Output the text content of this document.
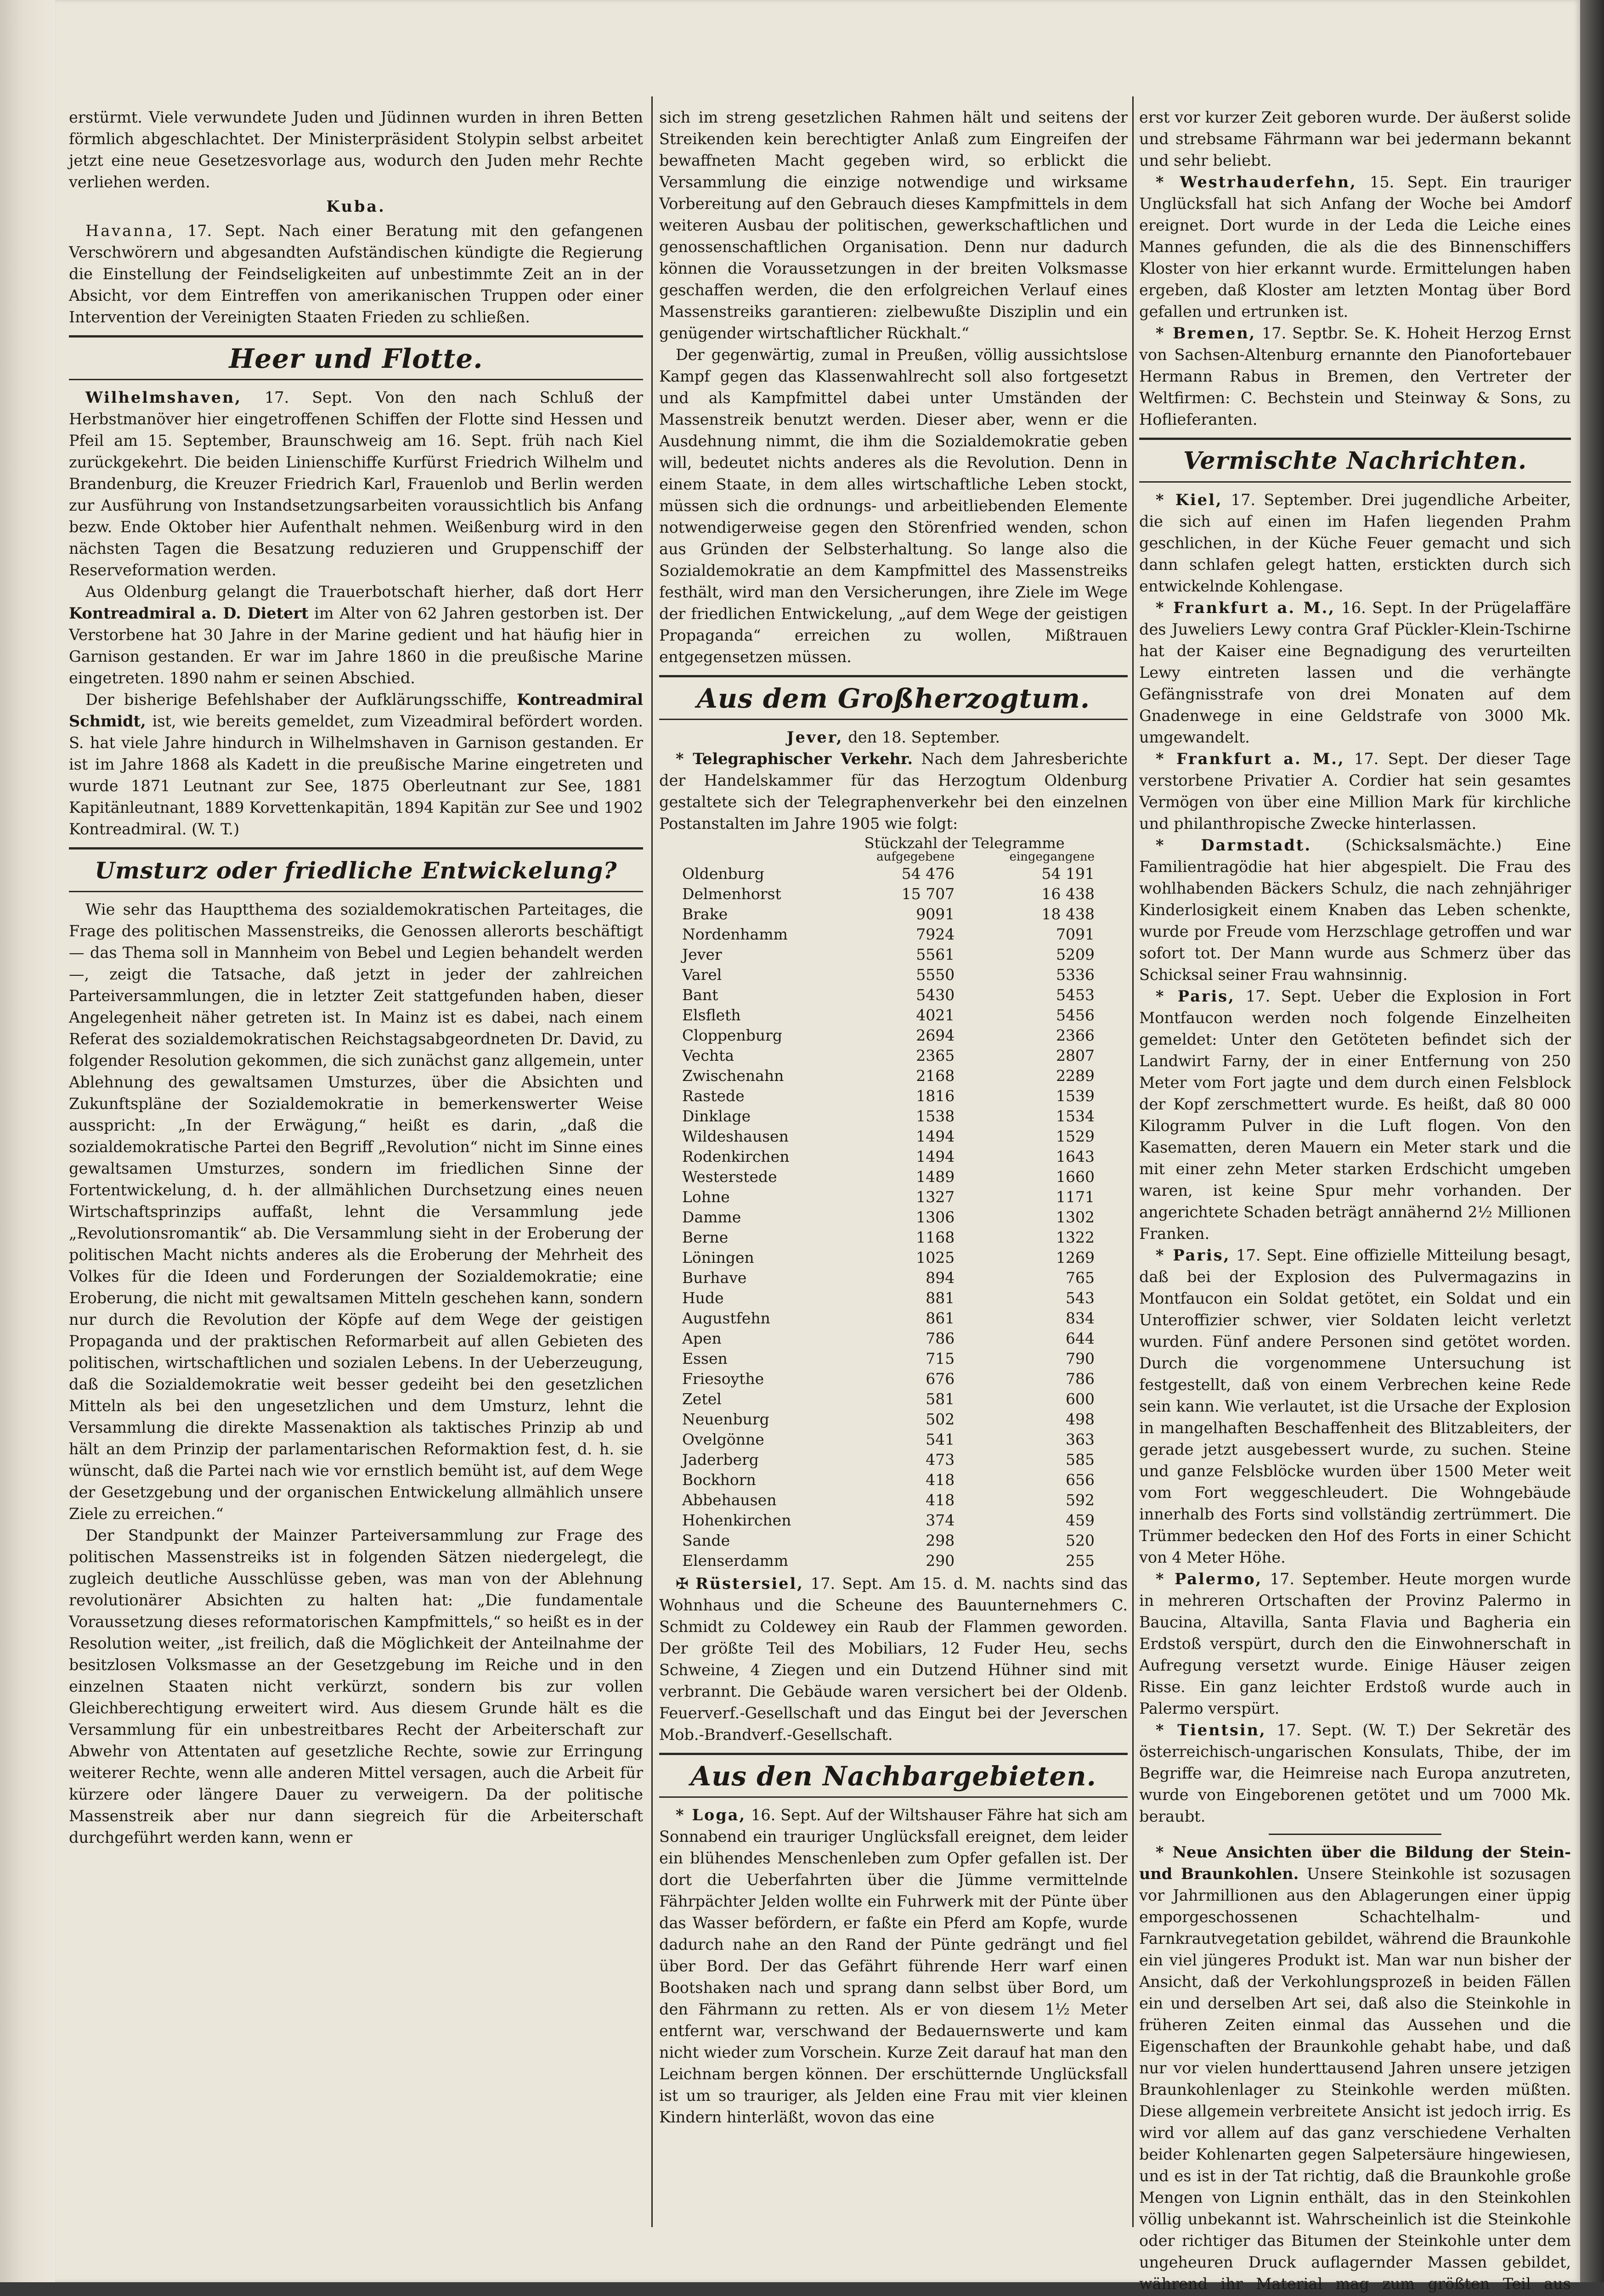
erstürmt. Viele verwundete Juden und Jüdinnen wurden in ihren Betten förmlich abgeschlachtet. Der Ministerpräsident Stolypin selbst arbeitet jetzt eine neue Gesetzesvorlage aus, wodurch den Juden mehr Rechte verliehen werden.

Kuba.

Havanna, 17. Sept. Nach einer Beratung mit den gefangenen Verschwörern und abgesandten Aufständischen kündigte die Regierung die Einstellung der Feindseligkeiten auf unbestimmte Zeit an in der Absicht, vor dem Eintreffen von amerikanischen Truppen oder einer Intervention der Vereinigten Staaten Frieden zu schließen.

Heer und Flotte.

Wilhelmshaven, 17. Sept. Von den nach Schluß der Herbstmanöver hier eingetroffenen Schiffen der Flotte sind Hessen und Pfeil am 15. September, Braunschweig am 16. Sept. früh nach Kiel zurückgekehrt. Die beiden Linienschiffe Kurfürst Friedrich Wilhelm und Brandenburg, die Kreuzer Friedrich Karl, Frauenlob und Berlin werden zur Ausführung von Instandsetzungsarbeiten voraussichtlich bis Anfang bezw. Ende Oktober hier Aufenthalt nehmen. Weißenburg wird in den nächsten Tagen die Besatzung reduzieren und Gruppenschiff der Reserveformation werden.

Aus Oldenburg gelangt die Trauerbotschaft hierher, daß dort Herr Kontreadmiral a. D. Dietert im Alter von 62 Jahren gestorben ist. Der Verstorbene hat 30 Jahre in der Marine gedient und hat häufig hier in Garnison gestanden. Er war im Jahre 1860 in die preußische Marine eingetreten. 1890 nahm er seinen Abschied.

Der bisherige Befehlshaber der Aufklärungsschiffe, Kontreadmiral Schmidt, ist, wie bereits gemeldet, zum Vizeadmiral befördert worden. S. hat viele Jahre hindurch in Wilhelmshaven in Garnison gestanden. Er ist im Jahre 1868 als Kadett in die preußische Marine eingetreten und wurde 1871 Leutnant zur See, 1875 Oberleutnant zur See, 1881 Kapitänleutnant, 1889 Korvettenkapitän, 1894 Kapitän zur See und 1902 Kontreadmiral. (W. T.)

Umsturz oder friedliche Entwickelung?

Wie sehr das Hauptthema des sozialdemokratischen Parteitages, die Frage des politischen Massenstreiks, die Genossen allerorts beschäftigt — das Thema soll in Mannheim von Bebel und Legien behandelt werden —, zeigt die Tatsache, daß jetzt in jeder der zahlreichen Parteiversammlungen, die in letzter Zeit stattgefunden haben, dieser Angelegenheit näher getreten ist. In Mainz ist es dabei, nach einem Referat des sozialdemokratischen Reichstagsabgeordneten Dr. David, zu folgender Resolution gekommen, die sich zunächst ganz allgemein, unter Ablehnung des gewaltsamen Umsturzes, über die Absichten und Zukunftspläne der Sozialdemokratie in bemerkenswerter Weise ausspricht: „In der Erwägung,“ heißt es darin, „daß die sozialdemokratische Partei den Begriff „Revolution“ nicht im Sinne eines gewaltsamen Umsturzes, sondern im friedlichen Sinne der Fortentwickelung, d. h. der allmählichen Durchsetzung eines neuen Wirtschaftsprinzips auffaßt, lehnt die Versammlung jede „Revolutionsromantik“ ab. Die Versammlung sieht in der Eroberung der politischen Macht nichts anderes als die Eroberung der Mehrheit des Volkes für die Ideen und Forderungen der Sozialdemokratie; eine Eroberung, die nicht mit gewaltsamen Mitteln geschehen kann, sondern nur durch die Revolution der Köpfe auf dem Wege der geistigen Propaganda und der praktischen Reformarbeit auf allen Gebieten des politischen, wirtschaftlichen und sozialen Lebens. In der Ueberzeugung, daß die Sozialdemokratie weit besser gedeiht bei den gesetzlichen Mitteln als bei den ungesetzlichen und dem Umsturz, lehnt die Versammlung die direkte Massenaktion als taktisches Prinzip ab und hält an dem Prinzip der parlamentarischen Reformaktion fest, d. h. sie wünscht, daß die Partei nach wie vor ernstlich bemüht ist, auf dem Wege der Gesetzgebung und der organischen Entwickelung allmählich unsere Ziele zu erreichen.“

Der Standpunkt der Mainzer Parteiversammlung zur Frage des politischen Massenstreiks ist in folgenden Sätzen niedergelegt, die zugleich deutliche Ausschlüsse geben, was man von der Ablehnung revolutionärer Absichten zu halten hat: „Die fundamentale Voraussetzung dieses reformatorischen Kampfmittels,“ so heißt es in der Resolution weiter, „ist freilich, daß die Möglichkeit der Anteilnahme der besitzlosen Volksmasse an der Gesetzgebung im Reiche und in den einzelnen Staaten nicht verkürzt, sondern bis zur vollen Gleichberechtigung erweitert wird. Aus diesem Grunde hält es die Versammlung für ein unbestreitbares Recht der Arbeiterschaft zur Abwehr von Attentaten auf gesetzliche Rechte, sowie zur Erringung weiterer Rechte, wenn alle anderen Mittel versagen, auch die Arbeit für kürzere oder längere Dauer zu verweigern. Da der politische Massenstreik aber nur dann siegreich für die Arbeiterschaft durchgeführt werden kann, wenn er

sich im streng gesetzlichen Rahmen hält und seitens der Streikenden kein berechtigter Anlaß zum Eingreifen der bewaffneten Macht gegeben wird, so erblickt die Versammlung die einzige notwendige und wirksame Vorbereitung auf den Gebrauch dieses Kampfmittels in dem weiteren Ausbau der politischen, gewerkschaftlichen und genossenschaftlichen Organisation. Denn nur dadurch können die Voraussetzungen in der breiten Volksmasse geschaffen werden, die den erfolgreichen Verlauf eines Massenstreiks garantieren: zielbewußte Disziplin und ein genügender wirtschaftlicher Rückhalt.“

Der gegenwärtig, zumal in Preußen, völlig aussichtslose Kampf gegen das Klassenwahlrecht soll also fortgesetzt und als Kampfmittel dabei unter Umständen der Massenstreik benutzt werden. Dieser aber, wenn er die Ausdehnung nimmt, die ihm die Sozialdemokratie geben will, bedeutet nichts anderes als die Revolution. Denn in einem Staate, in dem alles wirtschaftliche Leben stockt, müssen sich die ordnungs- und arbeitliebenden Elemente notwendigerweise gegen den Störenfried wenden, schon aus Gründen der Selbsterhaltung. So lange also die Sozialdemokratie an dem Kampfmittel des Massenstreiks festhält, wird man den Versicherungen, ihre Ziele im Wege der friedlichen Entwickelung, „auf dem Wege der geistigen Propaganda“ erreichen zu wollen, Mißtrauen entgegensetzen müssen.

Aus dem Großherzogtum.

Jever, den 18. September.

* Telegraphischer Verkehr. Nach dem Jahresberichte der Handelskammer für das Herzogtum Oldenburg gestaltete sich der Telegraphenverkehr bei den einzelnen Postanstalten im Jahre 1905 wie folgt:

	Stückzahl der Telegramme	
	aufgegebene	eingegangene
Oldenburg	54 476	54 191
Delmenhorst	15 707	16 438
Brake	9091	18 438
Nordenhamm	7924	7091
Jever	5561	5209
Varel	5550	5336
Bant	5430	5453
Elsfleth	4021	5456
Cloppenburg	2694	2366
Vechta	2365	2807
Zwischenahn	2168	2289
Rastede	1816	1539
Dinklage	1538	1534
Wildeshausen	1494	1529
Rodenkirchen	1494	1643
Westerstede	1489	1660
Lohne	1327	1171
Damme	1306	1302
Berne	1168	1322
Löningen	1025	1269
Burhave	894	765
Hude	881	543
Augustfehn	861	834
Apen	786	644
Essen	715	790
Friesoythe	676	786
Zetel	581	600
Neuenburg	502	498
Ovelgönne	541	363
Jaderberg	473	585
Bockhorn	418	656
Abbehausen	418	592
Hohenkirchen	374	459
Sande	298	520
Elenserdamm	290	255

✠ Rüstersiel, 17. Sept. Am 15. d. M. nachts sind das Wohnhaus und die Scheune des Bauunternehmers C. Schmidt zu Coldewey ein Raub der Flammen geworden. Der größte Teil des Mobiliars, 12 Fuder Heu, sechs Schweine, 4 Ziegen und ein Dutzend Hühner sind mit verbrannt. Die Gebäude waren versichert bei der Oldenb. Feuerverf.-Gesellschaft und das Eingut bei der Jeverschen Mob.-Brandverf.-Gesellschaft.

Aus den Nachbargebieten.

* Loga, 16. Sept. Auf der Wiltshauser Fähre hat sich am Sonnabend ein trauriger Unglücksfall ereignet, dem leider ein blühendes Menschenleben zum Opfer gefallen ist. Der dort die Ueberfahrten über die Jümme vermittelnde Fährpächter Jelden wollte ein Fuhrwerk mit der Pünte über das Wasser befördern, er faßte ein Pferd am Kopfe, wurde dadurch nahe an den Rand der Pünte gedrängt und fiel über Bord. Der das Gefährt führende Herr warf einen Bootshaken nach und sprang dann selbst über Bord, um den Fährmann zu retten. Als er von diesem 1½ Meter entfernt war, verschwand der Bedauernswerte und kam nicht wieder zum Vorschein. Kurze Zeit darauf hat man den Leichnam bergen können. Der erschütternde Unglücksfall ist um so trauriger, als Jelden eine Frau mit vier kleinen Kindern hinterläßt, wovon das eine

erst vor kurzer Zeit geboren wurde. Der äußerst solide und strebsame Fährmann war bei jedermann bekannt und sehr beliebt.

* Westrhauderfehn, 15. Sept. Ein trauriger Unglücksfall hat sich Anfang der Woche bei Amdorf ereignet. Dort wurde in der Leda die Leiche eines Mannes gefunden, die als die des Binnenschiffers Kloster von hier erkannt wurde. Ermittelungen haben ergeben, daß Kloster am letzten Montag über Bord gefallen und ertrunken ist.

* Bremen, 17. Septbr. Se. K. Hoheit Herzog Ernst von Sachsen-Altenburg ernannte den Pianofortebauer Hermann Rabus in Bremen, den Vertreter der Weltfirmen: C. Bechstein und Steinway & Sons, zu Hoflieferanten.

Vermischte Nachrichten.

* Kiel, 17. September. Drei jugendliche Arbeiter, die sich auf einen im Hafen liegenden Prahm geschlichen, in der Küche Feuer gemacht und sich dann schlafen gelegt hatten, erstickten durch sich entwickelnde Kohlengase.

* Frankfurt a. M., 16. Sept. In der Prügelaffäre des Juweliers Lewy contra Graf Pückler-Klein-Tschirne hat der Kaiser eine Begnadigung des verurteilten Lewy eintreten lassen und die verhängte Gefängnisstrafe von drei Monaten auf dem Gnadenwege in eine Geldstrafe von 3000 Mk. umgewandelt.

* Frankfurt a. M., 17. Sept. Der dieser Tage verstorbene Privatier A. Cordier hat sein gesamtes Vermögen von über eine Million Mark für kirchliche und philanthropische Zwecke hinterlassen.

* Darmstadt. (Schicksalsmächte.) Eine Familientragödie hat hier abgespielt. Die Frau des wohlhabenden Bäckers Schulz, die nach zehnjähriger Kinderlosigkeit einem Knaben das Leben schenkte, wurde por Freude vom Herzschlage getroffen und war sofort tot. Der Mann wurde aus Schmerz über das Schicksal seiner Frau wahnsinnig.

* Paris, 17. Sept. Ueber die Explosion in Fort Montfaucon werden noch folgende Einzelheiten gemeldet: Unter den Getöteten befindet sich der Landwirt Farny, der in einer Entfernung von 250 Meter vom Fort jagte und dem durch einen Felsblock der Kopf zerschmettert wurde. Es heißt, daß 80 000 Kilogramm Pulver in die Luft flogen. Von den Kasematten, deren Mauern ein Meter stark und die mit einer zehn Meter starken Erdschicht umgeben waren, ist keine Spur mehr vorhanden. Der angerichtete Schaden beträgt annähernd 2½ Millionen Franken.

* Paris, 17. Sept. Eine offizielle Mitteilung besagt, daß bei der Explosion des Pulvermagazins in Montfaucon ein Soldat getötet, ein Soldat und ein Unteroffizier schwer, vier Soldaten leicht verletzt wurden. Fünf andere Personen sind getötet worden. Durch die vorgenommene Untersuchung ist festgestellt, daß von einem Verbrechen keine Rede sein kann. Wie verlautet, ist die Ursache der Explosion in mangelhaften Beschaffenheit des Blitzableiters, der gerade jetzt ausgebessert wurde, zu suchen. Steine und ganze Felsblöcke wurden über 1500 Meter weit vom Fort weggeschleudert. Die Wohngebäude innerhalb des Forts sind vollständig zertrümmert. Die Trümmer bedecken den Hof des Forts in einer Schicht von 4 Meter Höhe.

* Palermo, 17. September. Heute morgen wurde in mehreren Ortschaften der Provinz Palermo in Baucina, Altavilla, Santa Flavia und Bagheria ein Erdstoß verspürt, durch den die Einwohnerschaft in Aufregung versetzt wurde. Einige Häuser zeigen Risse. Ein ganz leichter Erdstoß wurde auch in Palermo verspürt.

* Tientsin, 17. Sept. (W. T.) Der Sekretär des österreichisch-ungarischen Konsulats, Thibe, der im Begriffe war, die Heimreise nach Europa anzutreten, wurde von Eingeborenen getötet und um 7000 Mk. beraubt.

* Neue Ansichten über die Bildung der Stein- und Braunkohlen. Unsere Steinkohle ist sozusagen vor Jahrmillionen aus den Ablagerungen einer üppig emporgeschossenen Schachtelhalm- und Farnkrautvegetation gebildet, während die Braunkohle ein viel jüngeres Produkt ist. Man war nun bisher der Ansicht, daß der Verkohlungsprozeß in beiden Fällen ein und derselben Art sei, daß also die Steinkohle in früheren Zeiten einmal das Aussehen und die Eigenschaften der Braunkohle gehabt habe, und daß nur vor vielen hunderttausend Jahren unsere jetzigen Braunkohlenlager zu Steinkohle werden müßten. Diese allgemein verbreitete Ansicht ist jedoch irrig. Es wird vor allem auf das ganz verschiedene Verhalten beider Kohlenarten gegen Salpetersäure hingewiesen, und es ist in der Tat richtig, daß die Braunkohle große Mengen von Lignin enthält, das in den Steinkohlen völlig unbekannt ist. Wahrscheinlich ist die Steinkohle oder richtiger das Bitumen der Steinkohle unter dem ungeheuren Druck auflagernder Massen gebildet, während ihr Material mag zum größten Teil aus
